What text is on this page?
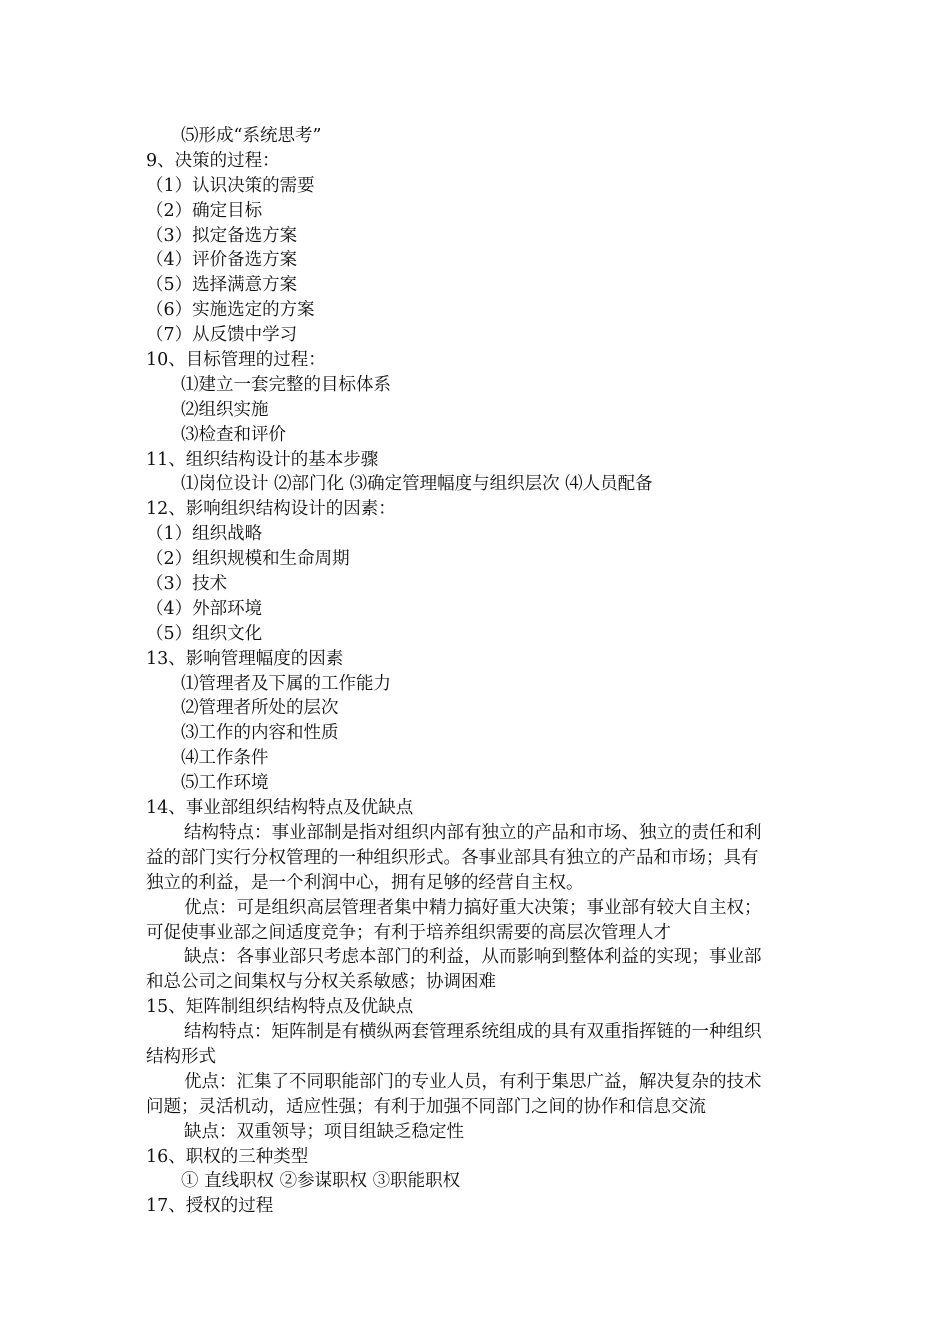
⑸形成“系统思考”
9、决策的过程：
（1）认识决策的需要
（2）确定目标
（3）拟定备选方案
（4）评价备选方案
（5）选择满意方案
（6）实施选定的方案
（7）从反馈中学习
10、目标管理的过程：
⑴建立一套完整的目标体系
⑵组织实施
⑶检查和评价
11、组织结构设计的基本步骤
⑴岗位设计 ⑵部门化 ⑶确定管理幅度与组织层次 ⑷人员配备
12、影响组织结构设计的因素：
（1）组织战略
（2）组织规模和生命周期
（3）技术
（4）外部环境
（5）组织文化
13、影响管理幅度的因素
⑴管理者及下属的工作能力
⑵管理者所处的层次
⑶工作的内容和性质
⑷工作条件
⑸工作环境
14、事业部组织结构特点及优缺点
结构特点：事业部制是指对组织内部有独立的产品和市场、独立的责任和利
益的部门实行分权管理的一种组织形式。各事业部具有独立的产品和市场；具有
独立的利益，是一个利润中心，拥有足够的经营自主权。
优点：可是组织高层管理者集中精力搞好重大决策；事业部有较大自主权；
可促使事业部之间适度竞争；有利于培养组织需要的高层次管理人才
缺点：各事业部只考虑本部门的利益，从而影响到整体利益的实现；事业部
和总公司之间集权与分权关系敏感；协调困难
15、矩阵制组织结构特点及优缺点
结构特点：矩阵制是有横纵两套管理系统组成的具有双重指挥链的一种组织
结构形式
优点：汇集了不同职能部门的专业人员，有利于集思广益，解决复杂的技术
问题；灵活机动，适应性强；有利于加强不同部门之间的协作和信息交流
缺点：双重领导；项目组缺乏稳定性
16、职权的三种类型
① 直线职权 ②参谋职权 ③职能职权
17、授权的过程
